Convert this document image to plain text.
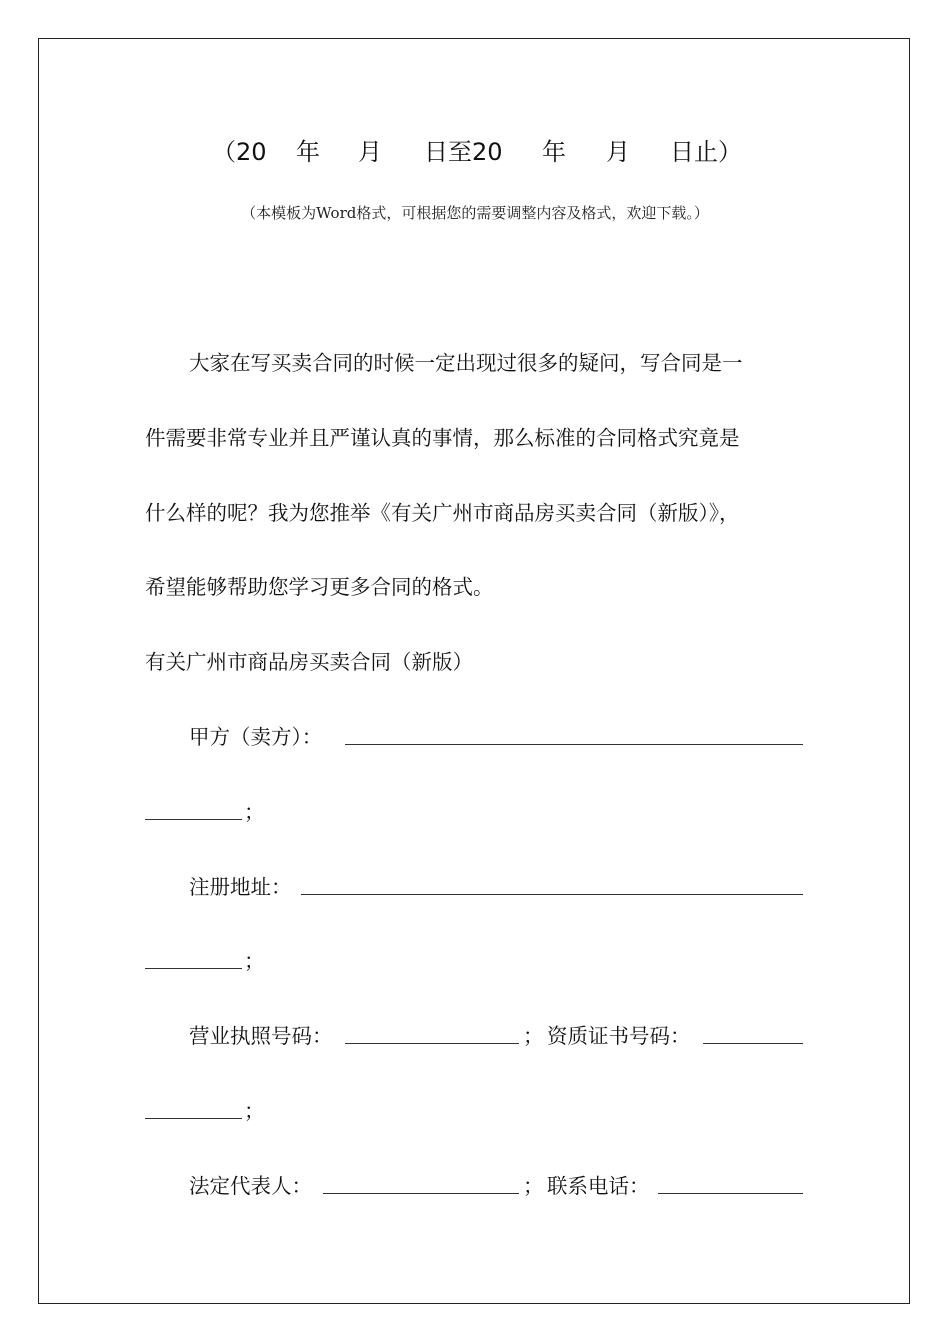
（20 年 月 日至20 年 月 日止）
（本模板为Word格式，可根据您的需要调整内容及格式，欢迎下载。）
大家在写买卖合同的时候一定出现过很多的疑问，写合同是一
件需要非常专业并且严谨认真的事情，那么标准的合同格式究竟是
什么样的呢？我为您推举《有关广州市商品房买卖合同（新版）》，
希望能够帮助您学习更多合同的格式。
有关广州市商品房买卖合同（新版）
甲方（卖方）：
；
注册地址：
；
营业执照号码：	； 资质证书号码：
；
法定代表人：	； 联系电话：
